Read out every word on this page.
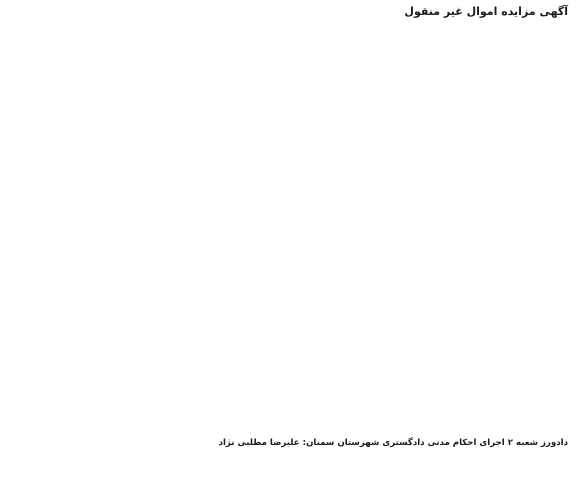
آگهی مزایده اموال غیر منقول
دادورز شعبه ۲ اجرای احکام مدنی دادگستری شهرستان سمنان: علیرضا مطلبی نژاد
